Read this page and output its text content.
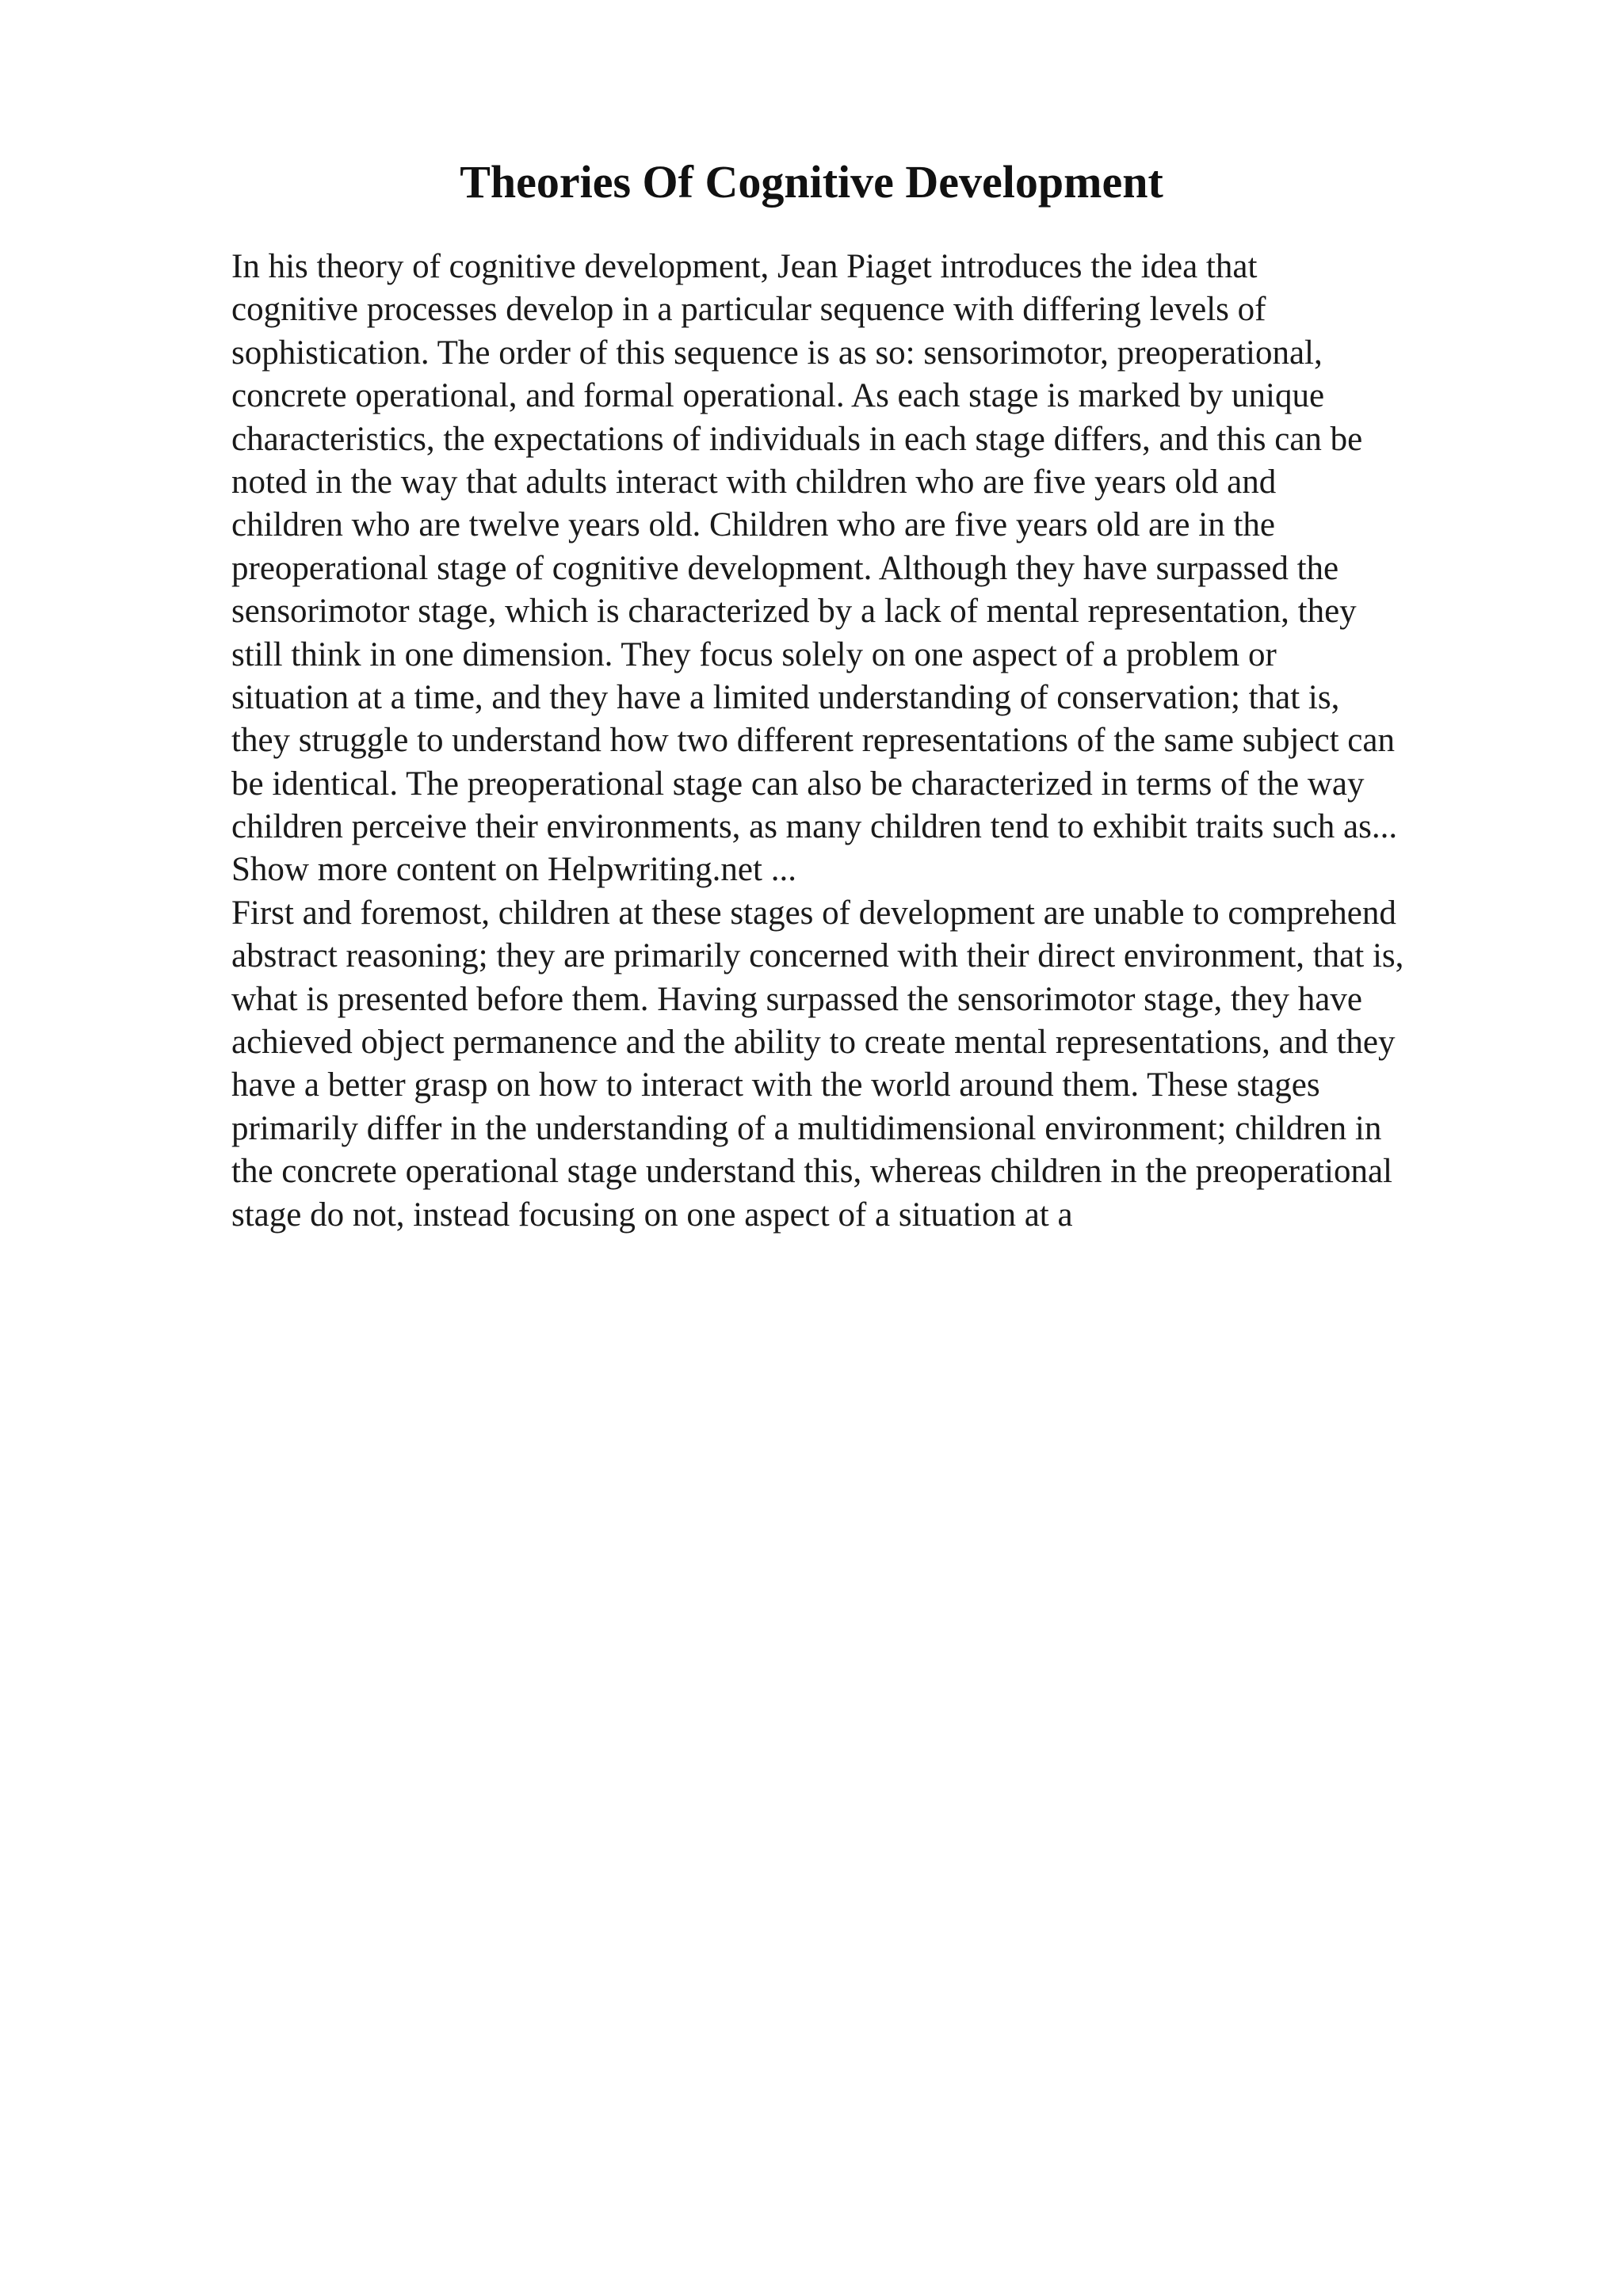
Theories Of Cognitive Development
In his theory of cognitive development, Jean Piaget introduces the idea that
cognitive processes develop in a particular sequence with differing levels of
sophistication. The order of this sequence is as so: sensorimotor, preoperational,
concrete operational, and formal operational. As each stage is marked by unique
characteristics, the expectations of individuals in each stage differs, and this can be
noted in the way that adults interact with children who are five years old and
children who are twelve years old. Children who are five years old are in the
preoperational stage of cognitive development. Although they have surpassed the
sensorimotor stage, which is characterized by a lack of mental representation, they
still think in one dimension. They focus solely on one aspect of a problem or
situation at a time, and they have a limited understanding of conservation; that is,
they struggle to understand how two different representations of the same subject can
be identical. The preoperational stage can also be characterized in terms of the way
children perceive their environments, as many children tend to exhibit traits such as...
Show more content on Helpwriting.net ...
First and foremost, children at these stages of development are unable to comprehend
abstract reasoning; they are primarily concerned with their direct environment, that is,
what is presented before them. Having surpassed the sensorimotor stage, they have
achieved object permanence and the ability to create mental representations, and they
have a better grasp on how to interact with the world around them. These stages
primarily differ in the understanding of a multidimensional environment; children in
the concrete operational stage understand this, whereas children in the preoperational
stage do not, instead focusing on one aspect of a situation at a
